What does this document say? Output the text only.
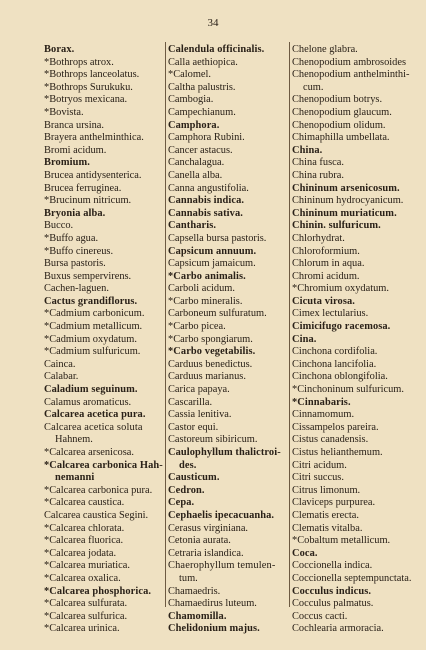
34
Borax.
*Bothrops atrox.
*Bothrops lanceolatus.
*Bothrops Surukuku.
*Botryos mexicana.
*Bovista.
Branca ursina.
Brayera anthelminthica.
Bromi acidum.
Bromium.
Brucea antidysenterica.
Brucea ferruginea.
*Brucinum nitricum.
Bryonia alba.
Bucco.
*Buffo agua.
*Buffo cinereus.
Bursa pastoris.
Buxus sempervirens.
Cachen-laguen.
Cactus grandiflorus.
*Cadmium carbonicum.
*Cadmium metallicum.
*Cadmium oxydatum.
*Cadmium sulfuricum.
Cainca.
Calabar.
Caladium seguinum.
Calamus aromaticus.
Calcarea acetica pura.
Calcarea acetica soluta
Hahnem.
*Calcarea arsenicosa.
*Calcarea carbonica Hah-
nemanni
*Calcarea carbonica pura.
*Calcarea caustica.
Calcarea caustica Segini.
*Calcarea chlorata.
*Calcarea fluorica.
*Calcarea jodata.
*Calcarea muriatica.
*Calcarea oxalica.
*Calcarea phosphorica.
*Calcarea sulfurata.
*Calcarea sulfurica.
*Calcarea urinica.
Calendula officinalis.
Calla aethiopica.
*Calomel.
Caltha palustris.
Cambogia.
Campechianum.
Camphora.
Camphora Rubini.
Cancer astacus.
Canchalagua.
Canella alba.
Canna angustifolia.
Cannabis indica.
Cannabis sativa.
Cantharis.
Capsella bursa pastoris.
Capsicum annuum.
Capsicum jamaicum.
*Carbo animalis.
Carboli acidum.
*Carbo mineralis.
Carboneum sulfuratum.
*Carbo picea.
*Carbo spongiarum.
*Carbo vegetabilis.
Carduus benedictus.
Carduus marianus.
Carica papaya.
Cascarilla.
Cassia lenitiva.
Castor equi.
Castoreum sibiricum.
Caulophyllum thalictroi-
des.
Causticum.
Cedron.
Cepa.
Cephaelis ipecacuanha.
Cerasus virginiana.
Cetonia aurata.
Cetraria islandica.
Chaerophyllum temulen-
tum.
Chamaedris.
Chamaedirus luteum.
Chamomilla.
Chelidonium majus.
Chelone glabra.
Chenopodium ambrosoides
Chenopodium anthelminthi-
cum.
Chenopodium botrys.
Chenopodium glaucum.
Chenopodium olidum.
Chimaphilla umbellata.
China.
China fusca.
China rubra.
Chininum arsenicosum.
Chininum hydrocyanicum.
Chininum muriaticum.
Chinin. sulfuricum.
Chlorhydrat.
Chloroformium.
Chlorum in aqua.
Chromi acidum.
*Chromium oxydatum.
Cicuta virosa.
Cimex lectularius.
Cimicifugo racemosa.
Cina.
Cinchona cordifolia.
Cinchona lancifolia.
Cinchona oblongifolia.
*Cinchoninum sulfuricum.
*Cinnabaris.
Cinnamomum.
Cissampelos pareira.
Cistus canadensis.
Cistus helianthemum.
Citri acidum.
Citri succus.
Citrus limonum.
Claviceps purpurea.
Clematis erecta.
Clematis vitalba.
*Cobaltum metallicum.
Coca.
Coccionella indica.
Coccionella septempunctata.
Cocculus indicus.
Cocculus palmatus.
Coccus cacti.
Cochlearia armoracia.
